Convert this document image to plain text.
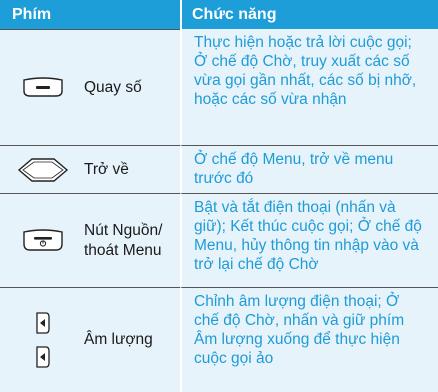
Phím	Chức năng
Quay số
Thực hiện hoặc trả lời cuộc gọi; Ở chế độ Chờ, truy xuất các số vừa gọi gần nhất, các số bị nhỡ, hoặc các số vừa nhận
Trở về
Ở chế độ Menu, trở về menu trước đó
Nút Nguồn/ thoát Menu
Bật và tắt điện thoại (nhấn và giữ); Kết thúc cuộc gọi; Ở chế độ Menu, hủy thông tin nhập vào và trở lại chế độ Chờ
Âm lượng
Chỉnh âm lượng điện thoại; Ở chế độ Chờ, nhấn và giữ phím Âm lượng xuống để thực hiện cuộc gọi ảo
